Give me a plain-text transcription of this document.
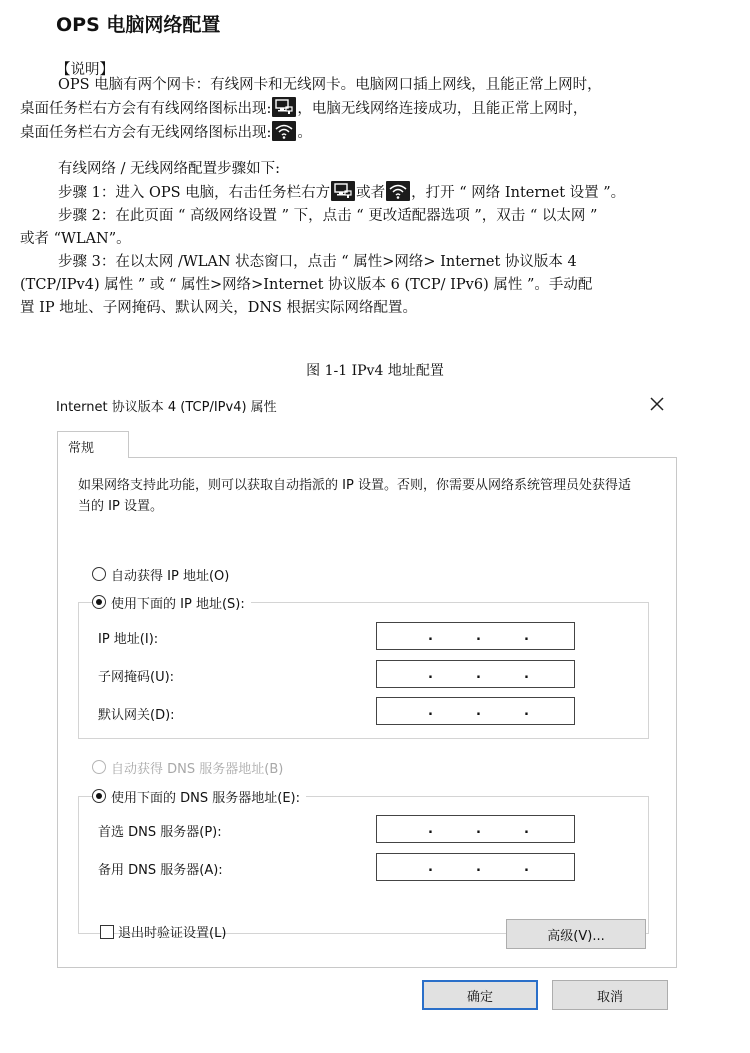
OPS 电脑网络配置
【说明】
OPS 电脑有两个网卡：有线网卡和无线网卡。电脑网口插上网线，且能正常上网时，
桌面任务栏右方会有有线网络图标出现: ，电脑无线网络连接成功，且能正常上网时，
桌面任务栏右方会有无线网络图标出现: 。
有线网络 / 无线网络配置步骤如下:
步骤 1：进入 OPS 电脑，右击任务栏右方 或者 ，打开 “ 网络 Internet 设置 ”。
步骤 2：在此页面 “ 高级网络设置 ” 下，点击 “ 更改适配器选项 ”，双击 “ 以太网 ”
或者 “WLAN”。
步骤 3：在以太网 /WLAN 状态窗口，点击 “ 属性>网络> Internet 协议版本 4
(TCP/IPv4) 属性 ” 或 “ 属性>网络>Internet 协议版本 6 (TCP/ IPv6) 属性 ”。手动配
置 IP 地址、子网掩码、默认网关，DNS 根据实际网络配置。
图 1-1 IPv4 地址配置
Internet 协议版本 4 (TCP/IPv4) 属性
常规
如果网络支持此功能，则可以获取自动指派的 IP 设置。否则，你需要从网络系统管理员处获得适当的 IP 设置。
自动获得 IP 地址(O)
使用下面的 IP 地址(S):
IP 地址(I):	.	.	.
子网掩码(U):	.	.	.
默认网关(D):	.	.	.
自动获得 DNS 服务器地址(B)
使用下面的 DNS 服务器地址(E):
首选 DNS 服务器(P):	.	.	.
备用 DNS 服务器(A):	.	.	.
退出时验证设置(L)	高级(V)...
确定	取消
